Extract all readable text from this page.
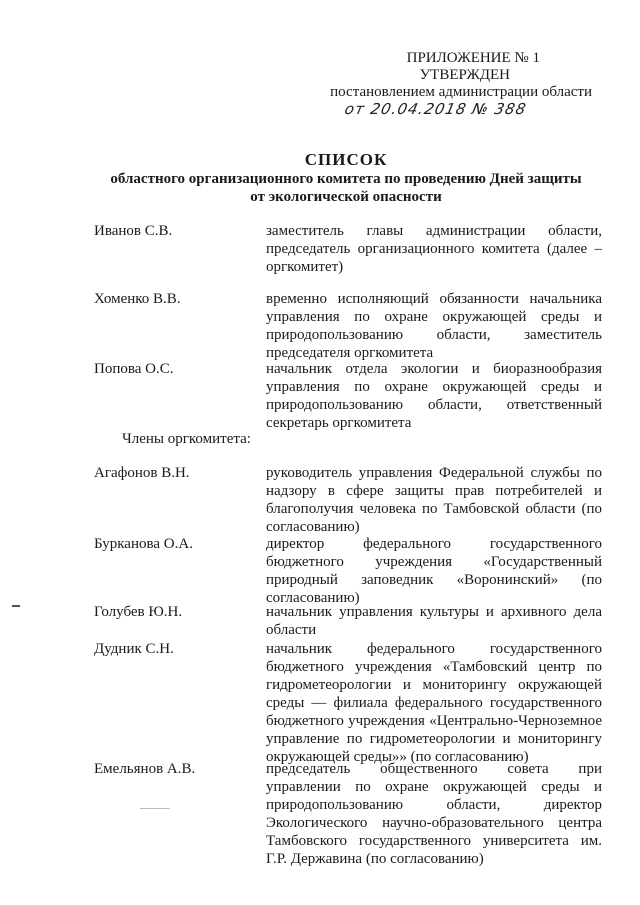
ПРИЛОЖЕНИЕ № 1
УТВЕРЖДЕН
постановлением администрации области
от 20.04.2018 № 388
СПИСОК
областного организационного комитета по проведению Дней защиты
от экологической опасности
Иванов С.В.	заместитель главы администрации области, председатель организационного комитета (далее – оргкомитет)
Хоменко В.В.	временно исполняющий обязанности начальника управления по охране окружающей среды и природопользованию области, заместитель председателя оргкомитета
Попова О.С.	начальник отдела экологии и биоразнообразия управления по охране окружающей среды и природопользованию области, ответственный секретарь оргкомитета
Члены оргкомитета:
Агафонов В.Н.	руководитель управления Федеральной службы по надзору в сфере защиты прав потребителей и благополучия человека по Тамбовской области (по согласованию)
Бурканова О.А.	директор федерального государственного бюджетного учреждения «Государственный природный заповедник «Воронинский» (по согласованию)
Голубев Ю.Н.	начальник управления культуры и архивного дела области
Дудник С.Н.	начальник федерального государственного бюджетного учреждения «Тамбовский центр по гидрометеорологии и мониторингу окружающей среды — филиала федерального государственного бюджетного учреждения «Центрально-Черноземное управление по гидрометеорологии и мониторингу окружающей среды»» (по согласованию)
Емельянов А.В.	председатель общественного совета при управлении по охране окружающей среды и природопользованию области, директор Экологического научно-образовательного центра Тамбовского государственного университета им. Г.Р. Державина (по согласованию)
